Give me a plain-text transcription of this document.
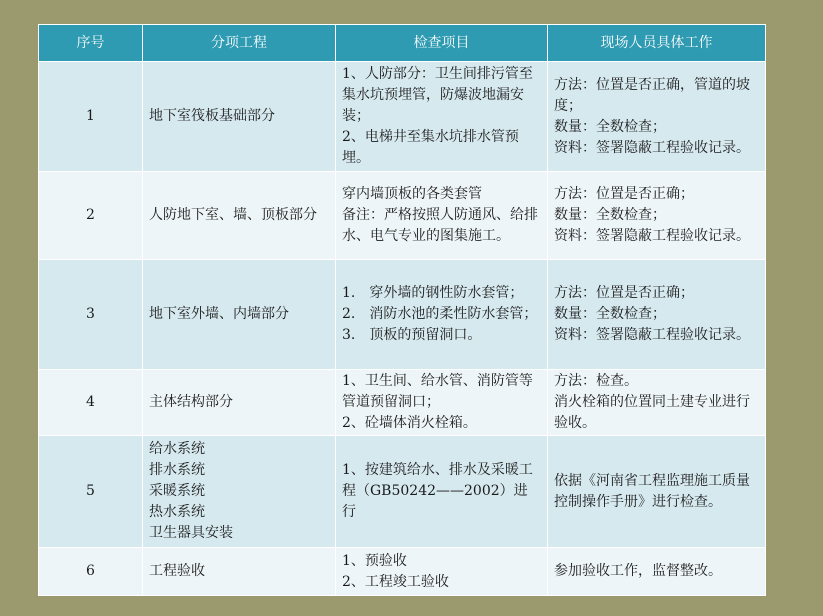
序号	分项工程	检查项目	现场人员具体工作
1	地下室筏板基础部分	1、人防部分：卫生间排污管至集水坑预埋管，防爆波地漏安装；
2、电梯井至集水坑排水管预埋。	方法：位置是否正确，管道的坡度；
数量：全数检查；
资料：签署隐蔽工程验收记录。

2	人防地下室、墙、顶板部分	穿内墙顶板的各类套管
备注：严格按照人防通风、给排水、电气专业的图集施工。	方法：位置是否正确；
数量：全数检查；
资料：签署隐蔽工程验收记录。

3	地下室外墙、内墙部分	1.　穿外墙的钢性防水套管；
2.　消防水池的柔性防水套管；
3.　顶板的预留洞口。	方法：位置是否正确；
数量：全数检查；
资料：签署隐蔽工程验收记录。

4	主体结构部分	1、卫生间、给水管、消防管等管道预留洞口；
2、砼墙体消火栓箱。	方法：检查。
消火栓箱的位置同土建专业进行验收。

5	给水系统
排水系统
采暖系统
热水系统
卫生器具安装	1、按建筑给水、排水及采暖工程（GB50242——2002）进行	依据《河南省工程监理施工质量控制操作手册》进行检查。

6	工程验收	1、预验收
2、工程竣工验收	参加验收工作，监督整改。
